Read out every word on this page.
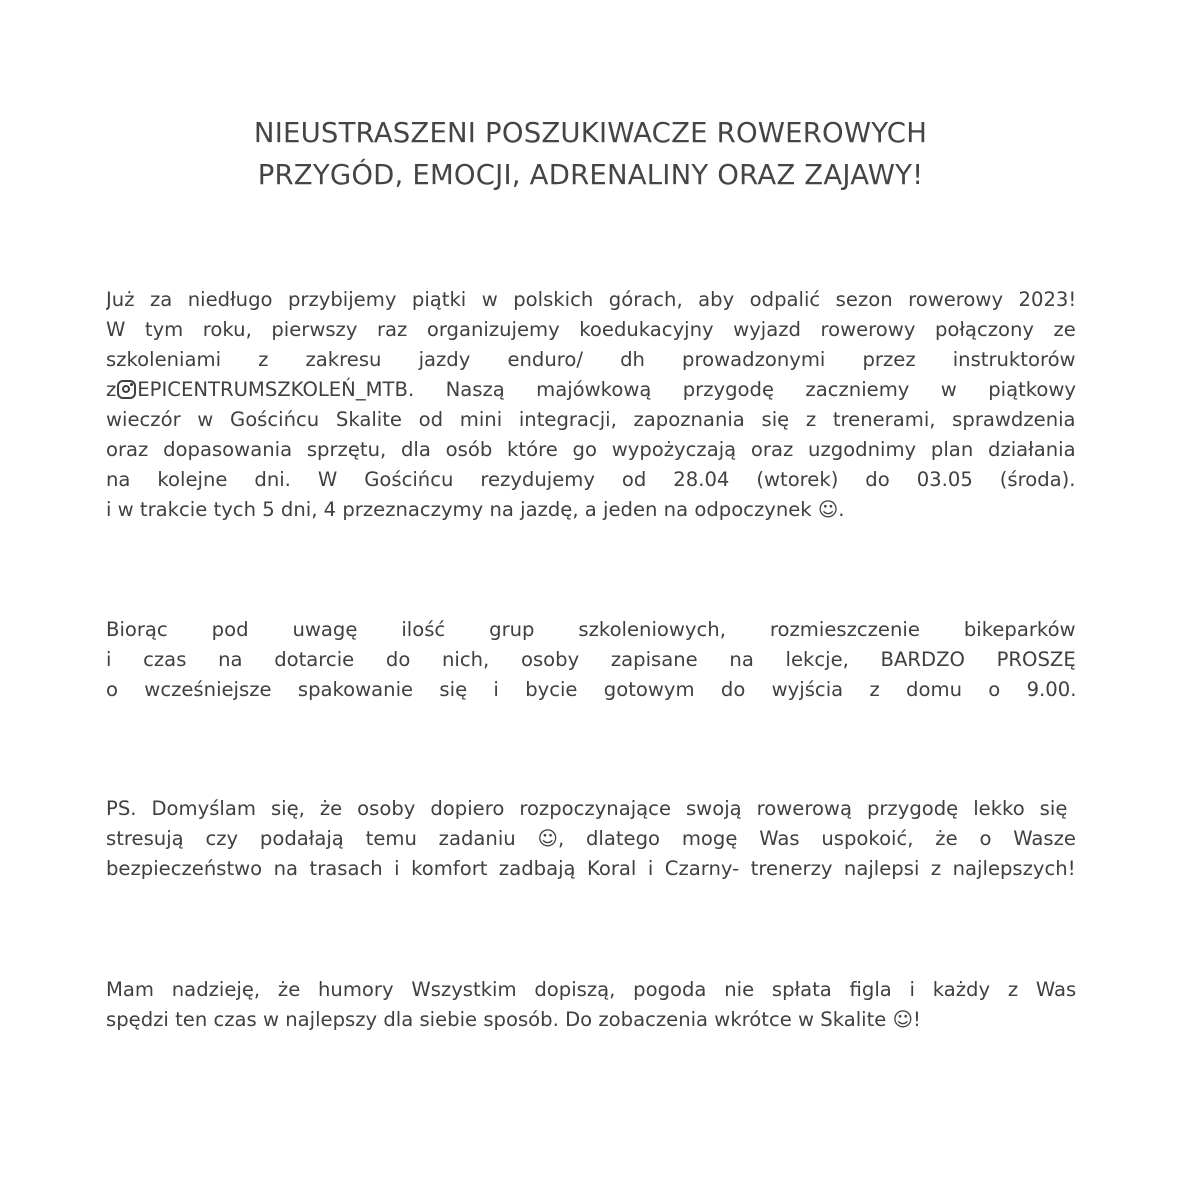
NIEUSTRASZENI POSZUKIWACZE ROWEROWYCH
PRZYGÓD, EMOCJI, ADRENALINY ORAZ ZAJAWY!

Już za niedługo przybijemy piątki w polskich górach, aby odpalić sezon rowerowy 2023!
W tym roku, pierwszy raz organizujemy koedukacyjny wyjazd rowerowy połączony ze
szkoleniami z zakresu jazdy enduro/ dh prowadzonymi przez instruktorów
z EPICENTRUMSZKOLEŃ_MTB. Naszą majówkową przygodę zaczniemy w piątkowy
wieczór w Gościńcu Skalite od mini integracji, zapoznania się z trenerami, sprawdzenia
oraz dopasowania sprzętu, dla osób które go wypożyczają oraz uzgodnimy plan działania
na kolejne dni. W Gościńcu rezydujemy od 28.04 (wtorek) do 03.05 (środa).
i w trakcie tych 5 dni, 4 przeznaczymy na jazdę, a jeden na odpoczynek ☺.

Biorąc pod uwagę ilość grup szkoleniowych, rozmieszczenie bikeparków
i czas na dotarcie do nich, osoby zapisane na lekcje, BARDZO PROSZĘ
o wcześniejsze spakowanie się i bycie gotowym do wyjścia z domu o 9.00.

PS. Domyślam się, że osoby dopiero rozpoczynające swoją rowerową przygodę lekko się
stresują czy podałają temu zadaniu ☺, dlatego mogę Was uspokoić, że o Wasze
bezpieczeństwo na trasach i komfort zadbają Koral i Czarny- trenerzy najlepsi z najlepszych!

Mam nadzieję, że humory Wszystkim dopiszą, pogoda nie spłata figla i każdy z Was
spędzi ten czas w najlepszy dla siebie sposób. Do zobaczenia wkrótce w Skalite ☺!
